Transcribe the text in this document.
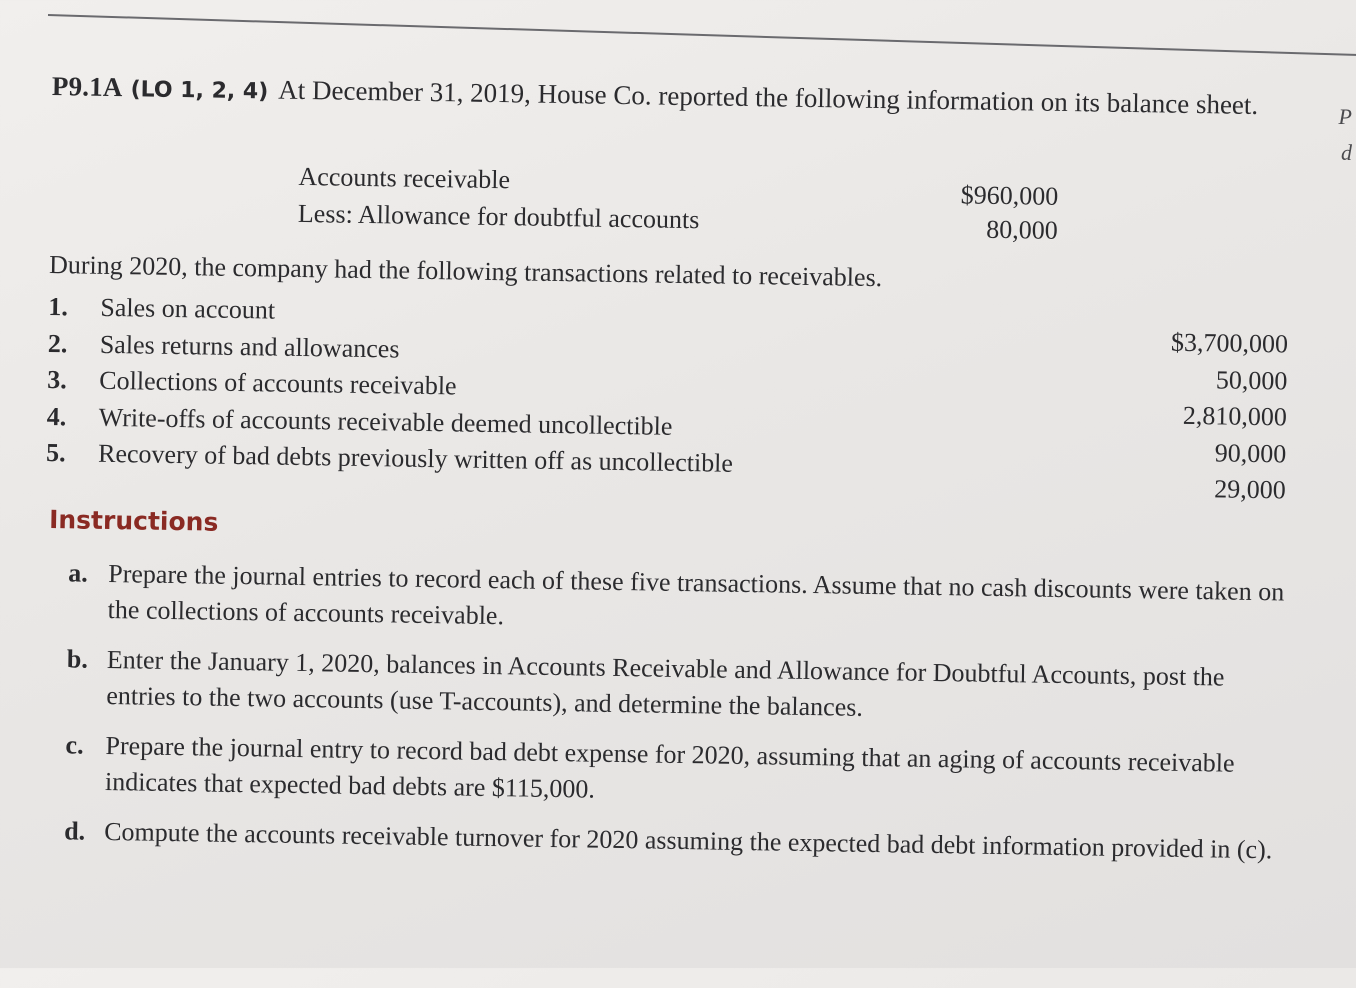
P9.1A (LO 1, 2, 4) At December 31, 2019, House Co. reported the following information on its balance sheet.
Accounts receivable
$960,000
Less: Allowance for doubtful accounts	80,000
During 2020, the company had the following transactions related to receivables.
1. Sales on account
$3,700,000
2. Sales returns and allowances
50,000
3. Collections of accounts receivable
2,810,000
4. Write-offs of accounts receivable deemed uncollectible
90,000
5. Recovery of bad debts previously written off as uncollectible
29,000
Instructions
a. Prepare the journal entries to record each of these five transactions. Assume that no cash discounts were taken on the collections of accounts receivable.
b. Enter the January 1, 2020, balances in Accounts Receivable and Allowance for Doubtful Accounts, post the entries to the two accounts (use T-accounts), and determine the balances.
c. Prepare the journal entry to record bad debt expense for 2020, assuming that an aging of accounts receivable indicates that expected bad debts are $115,000.
d. Compute the accounts receivable turnover for 2020 assuming the expected bad debt information provided in (c).
P
d
